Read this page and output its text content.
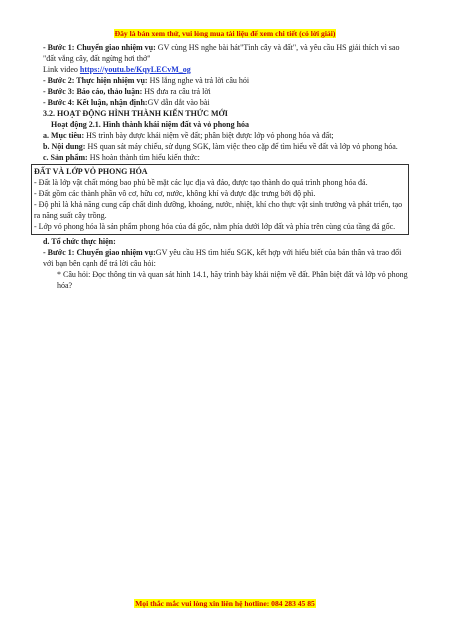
Đây là bản xem thử, vui lòng mua tài liệu để xem chi tiết (có lời giải)
- Bước 1: Chuyển giao nhiệm vụ: GV cùng HS nghe bài hát"Tình cây và đất", và yêu cầu HS giải thích vì sao "đất vắng cây, đất ngừng hơi thở"
Link video https://youtu.be/KqyLECvM_og
- Bước 2: Thực hiện nhiệm vụ: HS lắng nghe và trả lời câu hỏi
- Bước 3: Báo cáo, thảo luận: HS đưa ra câu trả lời
- Bước 4: Kết luận, nhận định:GV dẫn dắt vào bài
3.2. HOẠT ĐỘNG HÌNH THÀNH KIẾN THỨC MỚI
Hoạt động 2.1. Hình thành khái niệm đất và vỏ phong hóa
a. Mục tiêu: HS trình bày được khái niệm về đất; phân biệt được lớp vỏ phong hóa và đất;
b. Nội dung: HS quan sát máy chiếu, sử dụng SGK, làm việc theo cặp để tìm hiểu về đất và lớp vỏ phong hóa.
c. Sản phẩm: HS hoàn thành tìm hiểu kiến thức:
ĐẤT VÀ LỚP VỎ PHONG HÓA
- Đất là lớp vật chất mỏng bao phủ bề mặt các lục địa và đảo, được tạo thành do quá trình phong hóa đá.
- Đất gồm các thành phần vô cơ, hữu cơ, nước, không khí và được đặc trưng bởi độ phì.
- Độ phì là khả năng cung cấp chất dinh dưỡng, khoáng, nước, nhiệt, khí cho thực vật sinh trưởng và phát triển, tạo ra năng suất cây trồng.
- Lớp vỏ phong hóa là sản phẩm phong hóa của đá gốc, nằm phía dưới lớp đất và phía trên cùng của tầng đá gốc.
d. Tổ chức thực hiện:
- Bước 1: Chuyển giao nhiệm vụ:GV yêu cầu HS tìm hiểu SGK, kết hợp với hiểu biết của bản thân và trao đổi với bạn bên cạnh để trả lời câu hỏi:
* Câu hỏi: Đọc thông tin và quan sát hình 14.1, hãy trình bày khái niệm về đất. Phân biệt đất và lớp vỏ phong hóa?
Mọi thắc mắc vui lòng xin liên hệ hotline: 084 283 45 85
